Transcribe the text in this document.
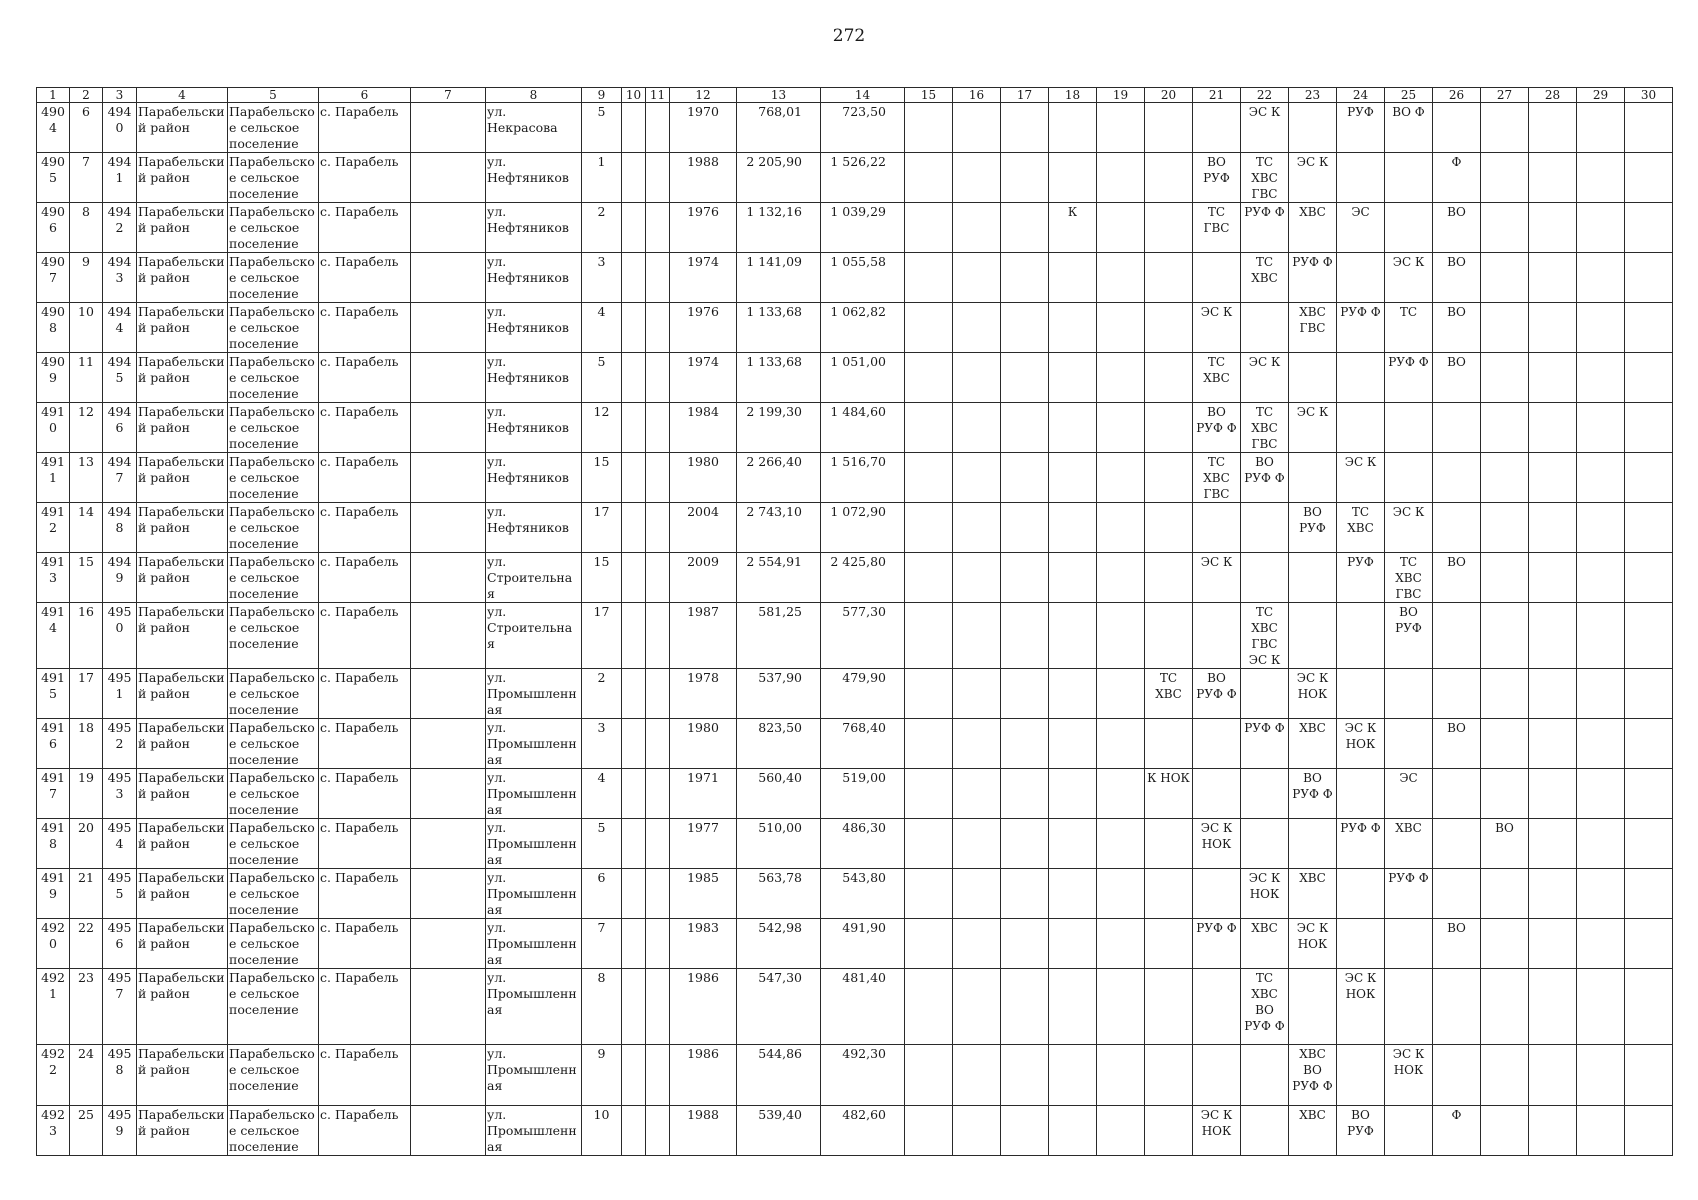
272
1	2	3	4	5	6	7	8	9	10	11	12	13	14	15	16	17	18	19	20	21	22	23	24	25	26	27	28	29	30
4904	6	4940	Парабельский район	Парабельское сельское поселение	с. Парабель		ул. Некрасова	5			1970	768,01	723,50								ЭС К		РУФ	ВО Ф					
4905	7	4941	Парабельский район	Парабельское сельское поселение	с. Парабель		ул. Нефтяников	1			1988	2 205,90	1 526,22							ВО РУФ	ТС ХВС ГВС	ЭС К			Ф				
4906	8	4942	Парабельский район	Парабельское сельское поселение	с. Парабель		ул. Нефтяников	2			1976	1 132,16	1 039,29				К			ТС ГВС	РУФ Ф	ХВС	ЭС		ВО				
4907	9	4943	Парабельский район	Парабельское сельское поселение	с. Парабель		ул. Нефтяников	3			1974	1 141,09	1 055,58								ТС ХВС	РУФ Ф		ЭС К	ВО				
4908	10	4944	Парабельский район	Парабельское сельское поселение	с. Парабель		ул. Нефтяников	4			1976	1 133,68	1 062,82							ЭС К		ХВС ГВС	РУФ Ф	ТС	ВО				
4909	11	4945	Парабельский район	Парабельское сельское поселение	с. Парабель		ул. Нефтяников	5			1974	1 133,68	1 051,00							ТС ХВС	ЭС К			РУФ Ф	ВО				
4910	12	4946	Парабельский район	Парабельское сельское поселение	с. Парабель		ул. Нефтяников	12			1984	2 199,30	1 484,60							ВО РУФ Ф	ТС ХВС ГВС	ЭС К							
4911	13	4947	Парабельский район	Парабельское сельское поселение	с. Парабель		ул. Нефтяников	15			1980	2 266,40	1 516,70							ТС ХВС ГВС	ВО РУФ Ф		ЭС К						
4912	14	4948	Парабельский район	Парабельское сельское поселение	с. Парабель		ул. Нефтяников	17			2004	2 743,10	1 072,90									ВО РУФ	ТС ХВС	ЭС К					
4913	15	4949	Парабельский район	Парабельское сельское поселение	с. Парабель		ул. Строительная	15			2009	2 554,91	2 425,80							ЭС К			РУФ	ТС ХВС ГВС	ВО				
4914	16	4950	Парабельский район	Парабельское сельское поселение	с. Парабель		ул. Строительная	17			1987	581,25	577,30								ТС ХВС ГВС ЭС К			ВО РУФ					
4915	17	4951	Парабельский район	Парабельское сельское поселение	с. Парабель		ул. Промышленная	2			1978	537,90	479,90						ТС ХВС	ВО РУФ Ф		ЭС К НОК							
4916	18	4952	Парабельский район	Парабельское сельское поселение	с. Парабель		ул. Промышленная	3			1980	823,50	768,40								РУФ Ф	ХВС	ЭС К НОК		ВО				
4917	19	4953	Парабельский район	Парабельское сельское поселение	с. Парабель		ул. Промышленная	4			1971	560,40	519,00						К НОК			ВО РУФ Ф		ЭС					
4918	20	4954	Парабельский район	Парабельское сельское поселение	с. Парабель		ул. Промышленная	5			1977	510,00	486,30							ЭС К НОК			РУФ Ф	ХВС		ВО			
4919	21	4955	Парабельский район	Парабельское сельское поселение	с. Парабель		ул. Промышленная	6			1985	563,78	543,80								ЭС К НОК	ХВС		РУФ Ф					
4920	22	4956	Парабельский район	Парабельское сельское поселение	с. Парабель		ул. Промышленная	7			1983	542,98	491,90							РУФ Ф	ХВС	ЭС К НОК			ВО				
4921	23	4957	Парабельский район	Парабельское сельское поселение	с. Парабель		ул. Промышленная	8			1986	547,30	481,40								ТС ХВС ВО РУФ Ф		ЭС К НОК						
4922	24	4958	Парабельский район	Парабельское сельское поселение	с. Парабель		ул. Промышленная	9			1986	544,86	492,30									ХВС ВО РУФ Ф		ЭС К НОК					
4923	25	4959	Парабельский район	Парабельское сельское поселение	с. Парабель		ул. Промышленная	10			1988	539,40	482,60							ЭС К НОК		ХВС	ВО РУФ		Ф				
